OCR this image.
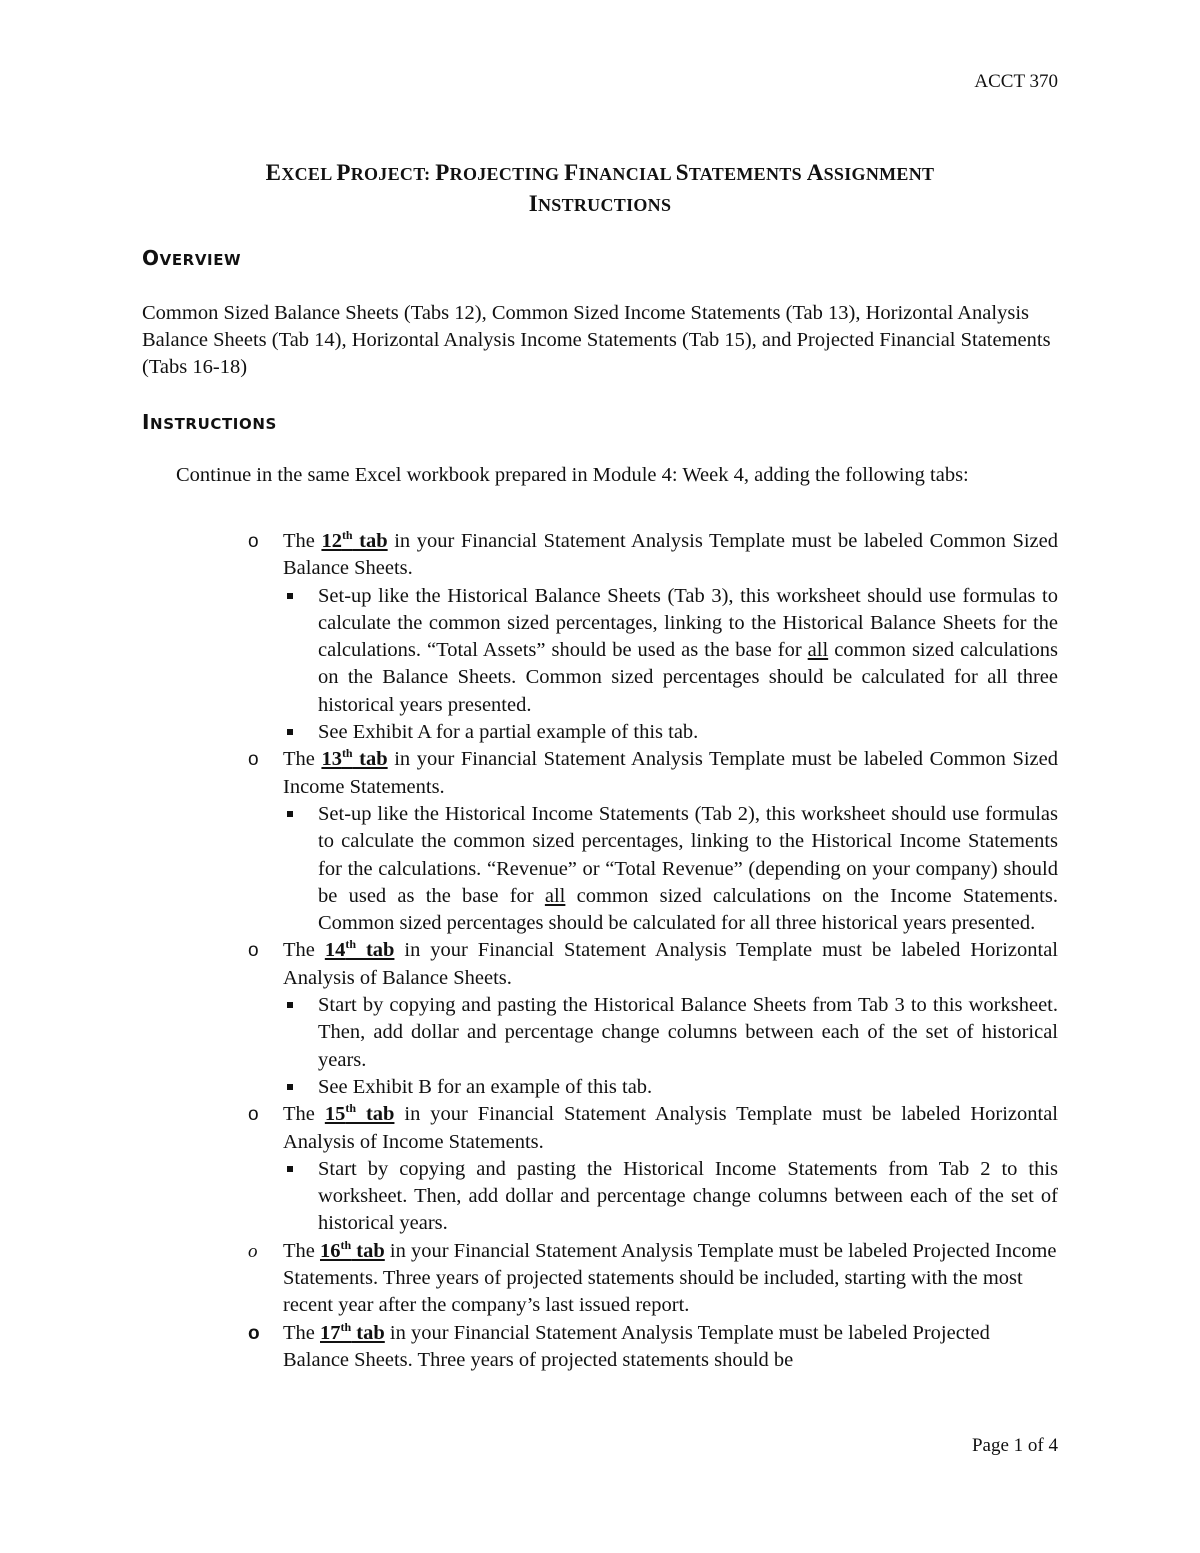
ACCT 370
EXCEL PROJECT: PROJECTING FINANCIAL STATEMENTS ASSIGNMENT
INSTRUCTIONS
OVERVIEW

Common Sized Balance Sheets (Tabs 12), Common Sized Income Statements (Tab 13), Horizontal Analysis Balance Sheets (Tab 14), Horizontal Analysis Income Statements (Tab 15), and Projected Financial Statements (Tabs 16-18)

INSTRUCTIONS

Continue in the same Excel workbook prepared in Module 4: Week 4, adding the following tabs:

o The 12th tab in your Financial Statement Analysis Template must be labeled Common Sized Balance Sheets.
Set-up like the Historical Balance Sheets (Tab 3), this worksheet should use formulas to calculate the common sized percentages, linking to the Historical Balance Sheets for the calculations. “Total Assets” should be used as the base for all common sized calculations on the Balance Sheets. Common sized percentages should be calculated for all three historical years presented.
See Exhibit A for a partial example of this tab.
o The 13th tab in your Financial Statement Analysis Template must be labeled Common Sized Income Statements.
Set-up like the Historical Income Statements (Tab 2), this worksheet should use formulas to calculate the common sized percentages, linking to the Historical Income Statements for the calculations. “Revenue” or “Total Revenue” (depending on your company) should be used as the base for all common sized calculations on the Income Statements. Common sized percentages should be calculated for all three historical years presented.
o The 14th tab in your Financial Statement Analysis Template must be labeled Horizontal Analysis of Balance Sheets.
Start by copying and pasting the Historical Balance Sheets from Tab 3 to this worksheet. Then, add dollar and percentage change columns between each of the set of historical years.
See Exhibit B for an example of this tab.
o The 15th tab in your Financial Statement Analysis Template must be labeled Horizontal Analysis of Income Statements.
Start by copying and pasting the Historical Income Statements from Tab 2 to this worksheet. Then, add dollar and percentage change columns between each of the set of historical years.
o The 16th tab in your Financial Statement Analysis Template must be labeled Projected Income Statements. Three years of projected statements should be included, starting with the most recent year after the company’s last issued report.
o The 17th tab in your Financial Statement Analysis Template must be labeled Projected Balance Sheets. Three years of projected statements should be
Page 1 of 4
